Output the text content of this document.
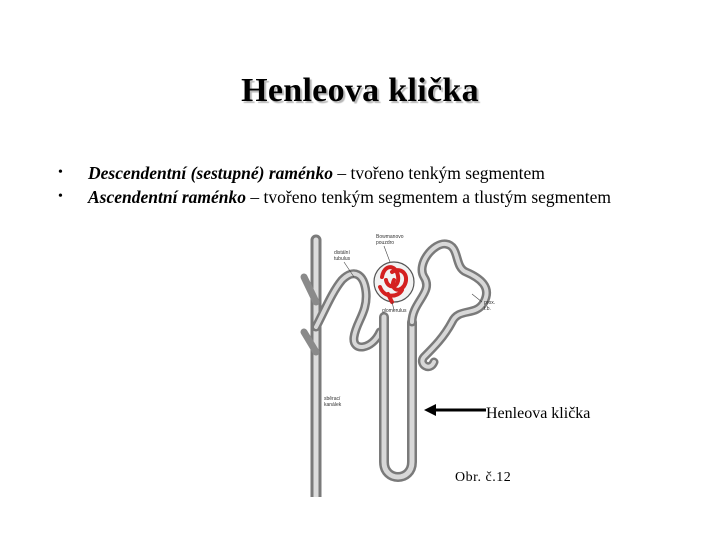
Henleova klička
• Descendentní (sestupné) raménko – tvořeno tenkým segmentem
• Ascendentní raménko – tvořeno tenkým segmentem a tlustým segmentem
distální
tubulus
Bowmanovo
pouzdro
glomerulus
prox.
t.b.
sběrací
kanálek	Henleova klička
Obr. č.12
